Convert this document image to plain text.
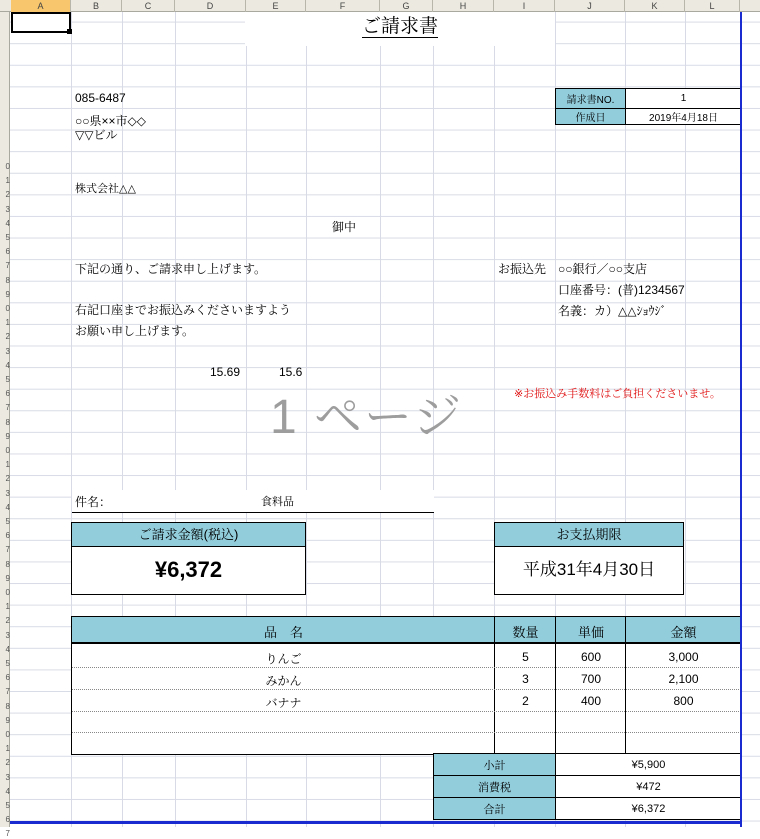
A	B	C	D	E	F	G	H	I	J	K	L
0
1
2
3
4
5
6
7
8
9
0
1
2
3
4
5
6
7
8
9
0
1
2
3
4
5
6
7
8
9
0
1
2
3
4
5
6
7
8
9
0
1
2
3
4
5
6
7
ご請求書
085-6487
○○県××市◇◇
▽▽ビル
株式会社△△
御中
下記の通り、ご請求申し上げます。
右記口座までお振込みくださいますよう
お願い申し上げます。
15.69	15.6
1 ページ	※お振込み手数料はご負担くださいませ。
請求書NO.	1
作成日	2019年4月18日
お振込先 ○○銀行／○○支店
口座番号：(普)1234567
名義：カ）△△ｼｮｳｼﾞ
件名：	食料品
ご請求金額(税込)
¥6,372
お支払期限
平成31年4月30日
品　名	数量	単価	金額
りんご	5	600	3,000
みかん	3	700	2,100
バナナ	2	400	800
小計	¥5,900
消費税	¥472
合計	¥6,372
